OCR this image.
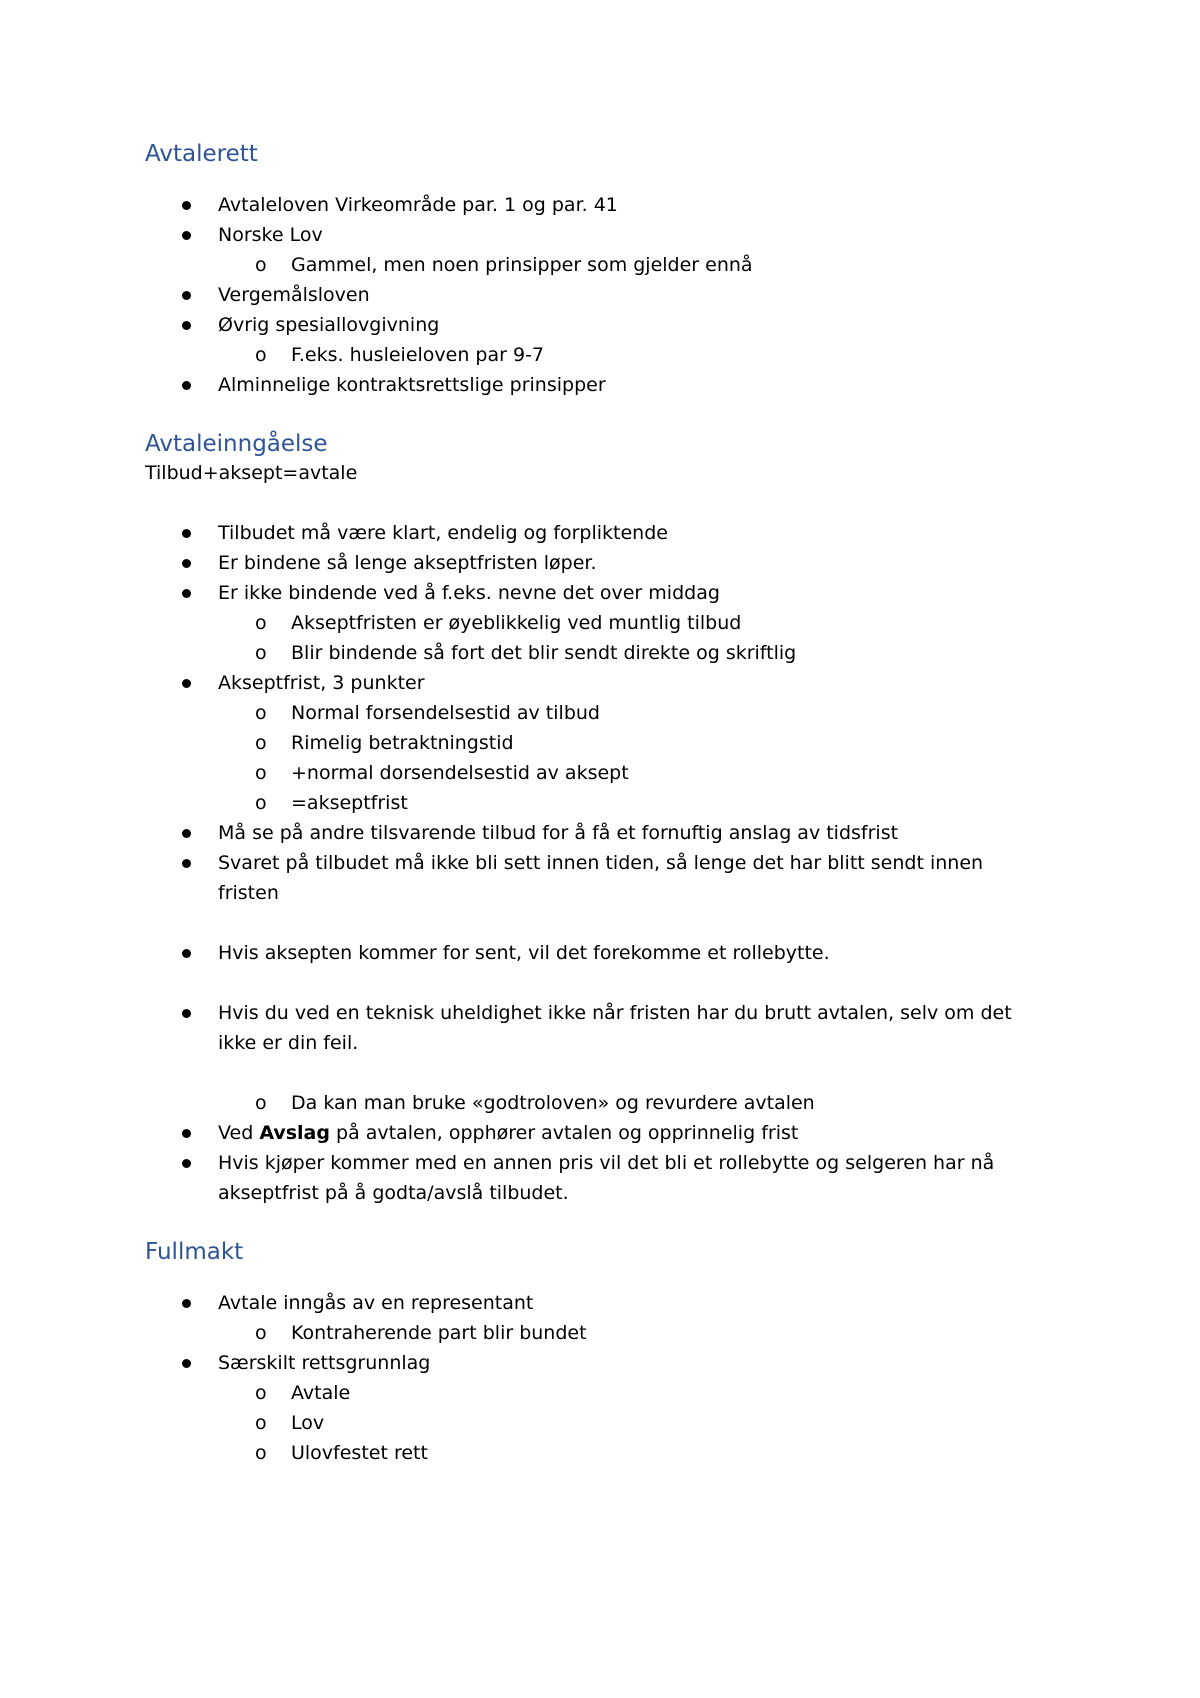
Avtalerett
Avtaleloven Virkeområde par. 1 og par. 41
Norske Lov
o Gammel, men noen prinsipper som gjelder ennå
Vergemålsloven
Øvrig spesiallovgivning
o F.eks. husleieloven par 9-7
Alminnelige kontraktsrettslige prinsipper
Avtaleinngåelse

Tilbud+aksept=avtale

Tilbudet må være klart, endelig og forpliktende
Er bindene så lenge akseptfristen løper.
Er ikke bindende ved å f.eks. nevne det over middag
o Akseptfristen er øyeblikkelig ved muntlig tilbud
o Blir bindende så fort det blir sendt direkte og skriftlig
Akseptfrist, 3 punkter
o Normal forsendelsestid av tilbud
o Rimelig betraktningstid
o +normal dorsendelsestid av aksept
o =akseptfrist
Må se på andre tilsvarende tilbud for å få et fornuftig anslag av tidsfrist
Svaret på tilbudet må ikke bli sett innen tiden, så lenge det har blitt sendt innen fristen
Hvis aksepten kommer for sent, vil det forekomme et rollebytte.
Hvis du ved en teknisk uheldighet ikke når fristen har du brutt avtalen, selv om det ikke er din feil.
o Da kan man bruke «godtroloven» og revurdere avtalen
Ved Avslag på avtalen, opphører avtalen og opprinnelig frist
Hvis kjøper kommer med en annen pris vil det bli et rollebytte og selgeren har nå akseptfrist på å godta/avslå tilbudet.
Fullmakt
Avtale inngås av en representant
o Kontraherende part blir bundet
Særskilt rettsgrunnlag
o Avtale
o Lov
o Ulovfestet rett
